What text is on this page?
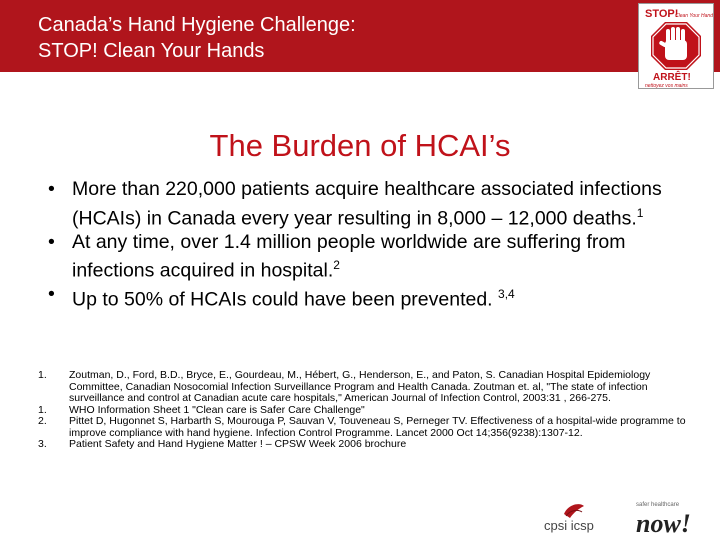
Canada’s Hand Hygiene Challenge:
STOP! Clean Your Hands
STOP!
Clean Your Hands
ARRÊT!
nettoyez vos mains
The Burden of HCAI’s
• More than 220,000 patients acquire healthcare associated infections (HCAIs) in Canada every year resulting in 8,000 – 12,000 deaths.$^1$
• At any time, over 1.4 million people worldwide are suffering from infections acquired in hospital.$^2$
• Up to 50% of HCAIs could have been prevented. $^{3,4}$
1. Zoutman, D., Ford, B.D., Bryce, E., Gourdeau, M., Hébert, G., Henderson, E., and Paton, S. Canadian Hospital Epidemiology Committee, Canadian Nosocomial Infection Surveillance Program and Health Canada. Zoutman et. al, "The state of infection surveillance and control at Canadian acute care hospitals," American Journal of Infection Control, 2003:31 , 266-275.
1. WHO Information Sheet 1 "Clean care is Safer Care Challenge"
2. Pittet D, Hugonnet S, Harbarth S, Mourouga P, Sauvan V, Touveneau S, Perneger TV. Effectiveness of a hospital-wide programme to improve compliance with hand hygiene. Infection Control Programme. Lancet 2000 Oct 14;356(9238):1307-12.
3. Patient Safety and Hand Hygiene Matter ! – CPSW Week 2006 brochure
cpsi icsp
safer healthcare
now!
